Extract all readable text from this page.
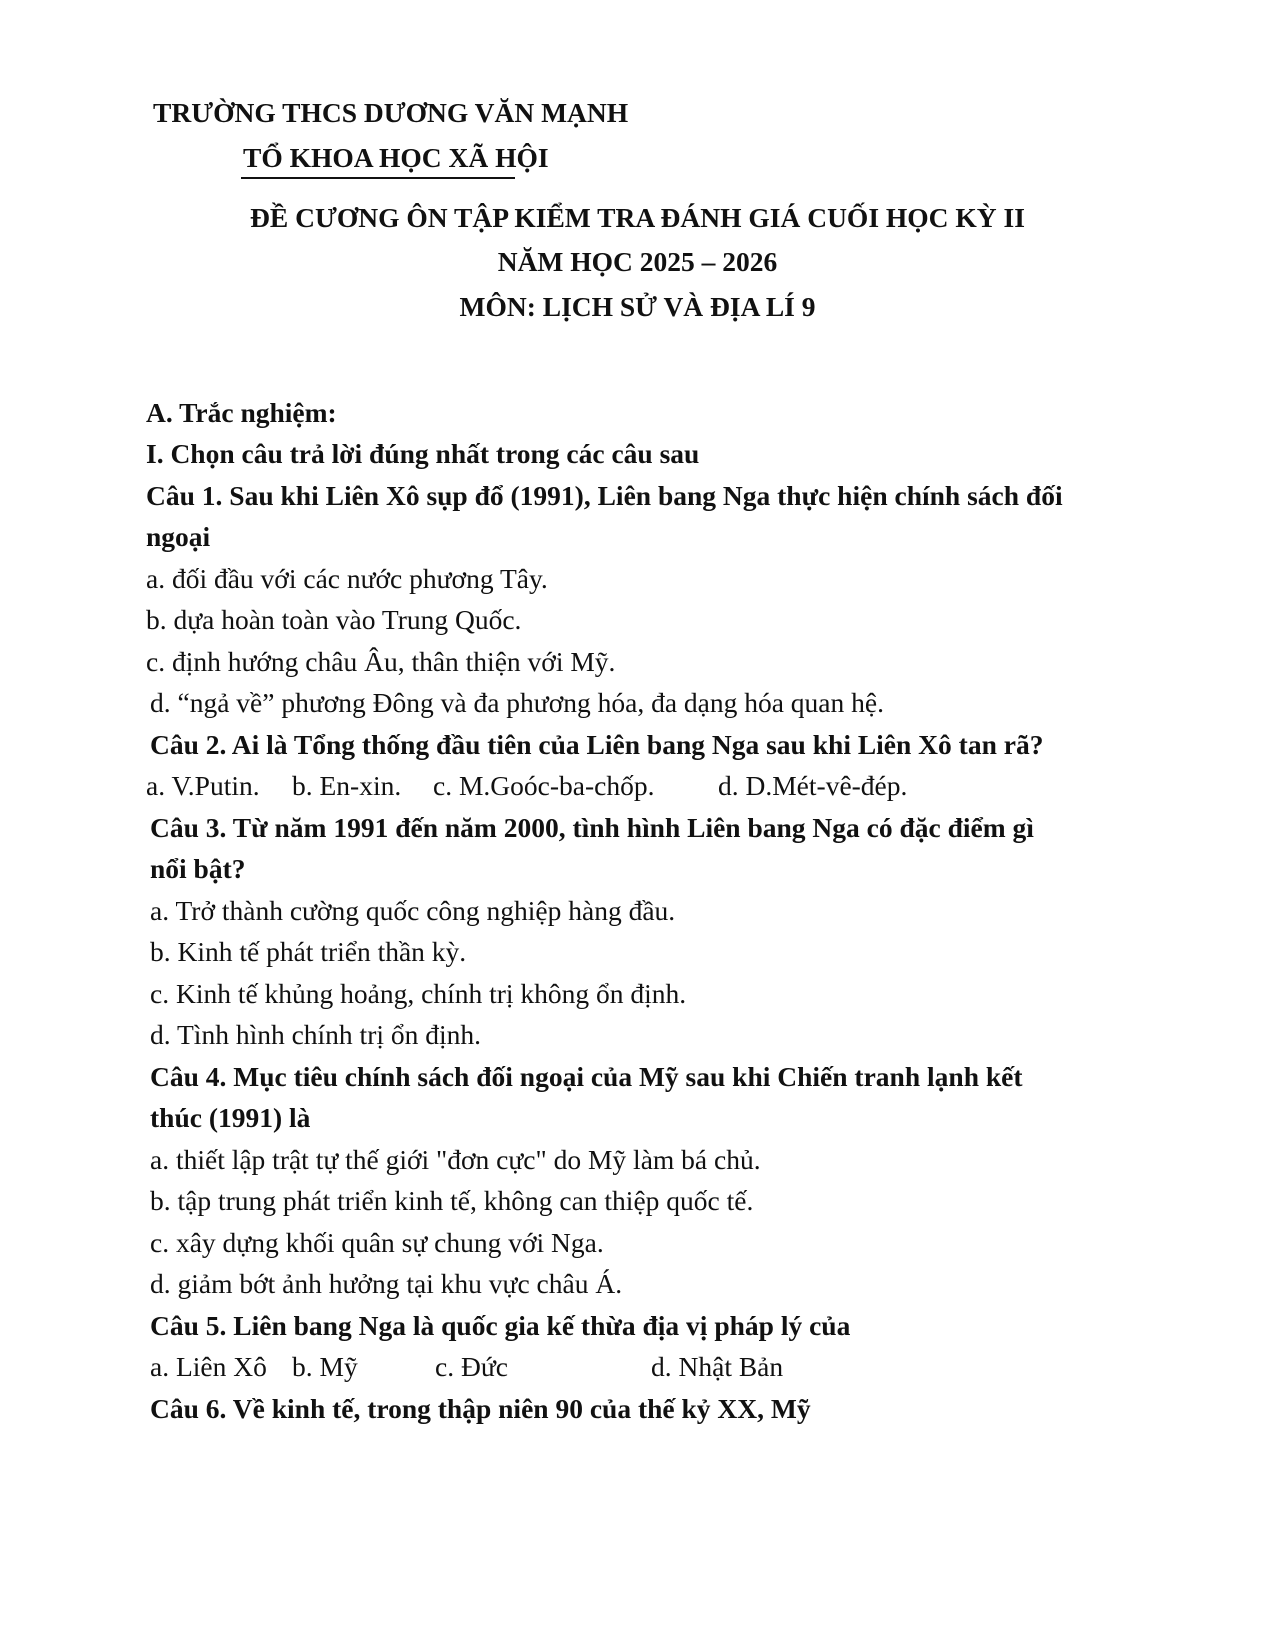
TRƯỜNG THCS DƯƠNG VĂN MẠNH
TỔ KHOA HỌC XÃ HỘI
ĐỀ CƯƠNG ÔN TẬP KIỂM TRA ĐÁNH GIÁ CUỐI HỌC KỲ II
NĂM HỌC 2025 – 2026
MÔN: LỊCH SỬ VÀ ĐỊA LÍ 9
A. Trắc nghiệm:
I. Chọn câu trả lời đúng nhất trong các câu sau
Câu 1. Sau khi Liên Xô sụp đổ (1991), Liên bang Nga thực hiện chính sách đối
ngoại
a. đối đầu với các nước phương Tây.
b. dựa hoàn toàn vào Trung Quốc.
c. định hướng châu Âu, thân thiện với Mỹ.
d. “ngả về” phương Đông và đa phương hóa, đa dạng hóa quan hệ.
Câu 2. Ai là Tổng thống đầu tiên của Liên bang Nga sau khi Liên Xô tan rã?
a. V.Putin. b. En-xin. c. M.Goóc-ba-chốp. d. D.Mét-vê-đép.
Câu 3. Từ năm 1991 đến năm 2000, tình hình Liên bang Nga có đặc điểm gì
nổi bật?
a. Trở thành cường quốc công nghiệp hàng đầu.
b. Kinh tế phát triển thần kỳ.
c. Kinh tế khủng hoảng, chính trị không ổn định.
d. Tình hình chính trị ổn định.
Câu 4. Mục tiêu chính sách đối ngoại của Mỹ sau khi Chiến tranh lạnh kết
thúc (1991) là
a. thiết lập trật tự thế giới "đơn cực" do Mỹ làm bá chủ.
b. tập trung phát triển kinh tế, không can thiệp quốc tế.
c. xây dựng khối quân sự chung với Nga.
d. giảm bớt ảnh hưởng tại khu vực châu Á.
Câu 5. Liên bang Nga là quốc gia kế thừa địa vị pháp lý của
a. Liên Xô b. Mỹ	c. Đức	d. Nhật Bản
Câu 6. Về kinh tế, trong thập niên 90 của thế kỷ XX, Mỹ
